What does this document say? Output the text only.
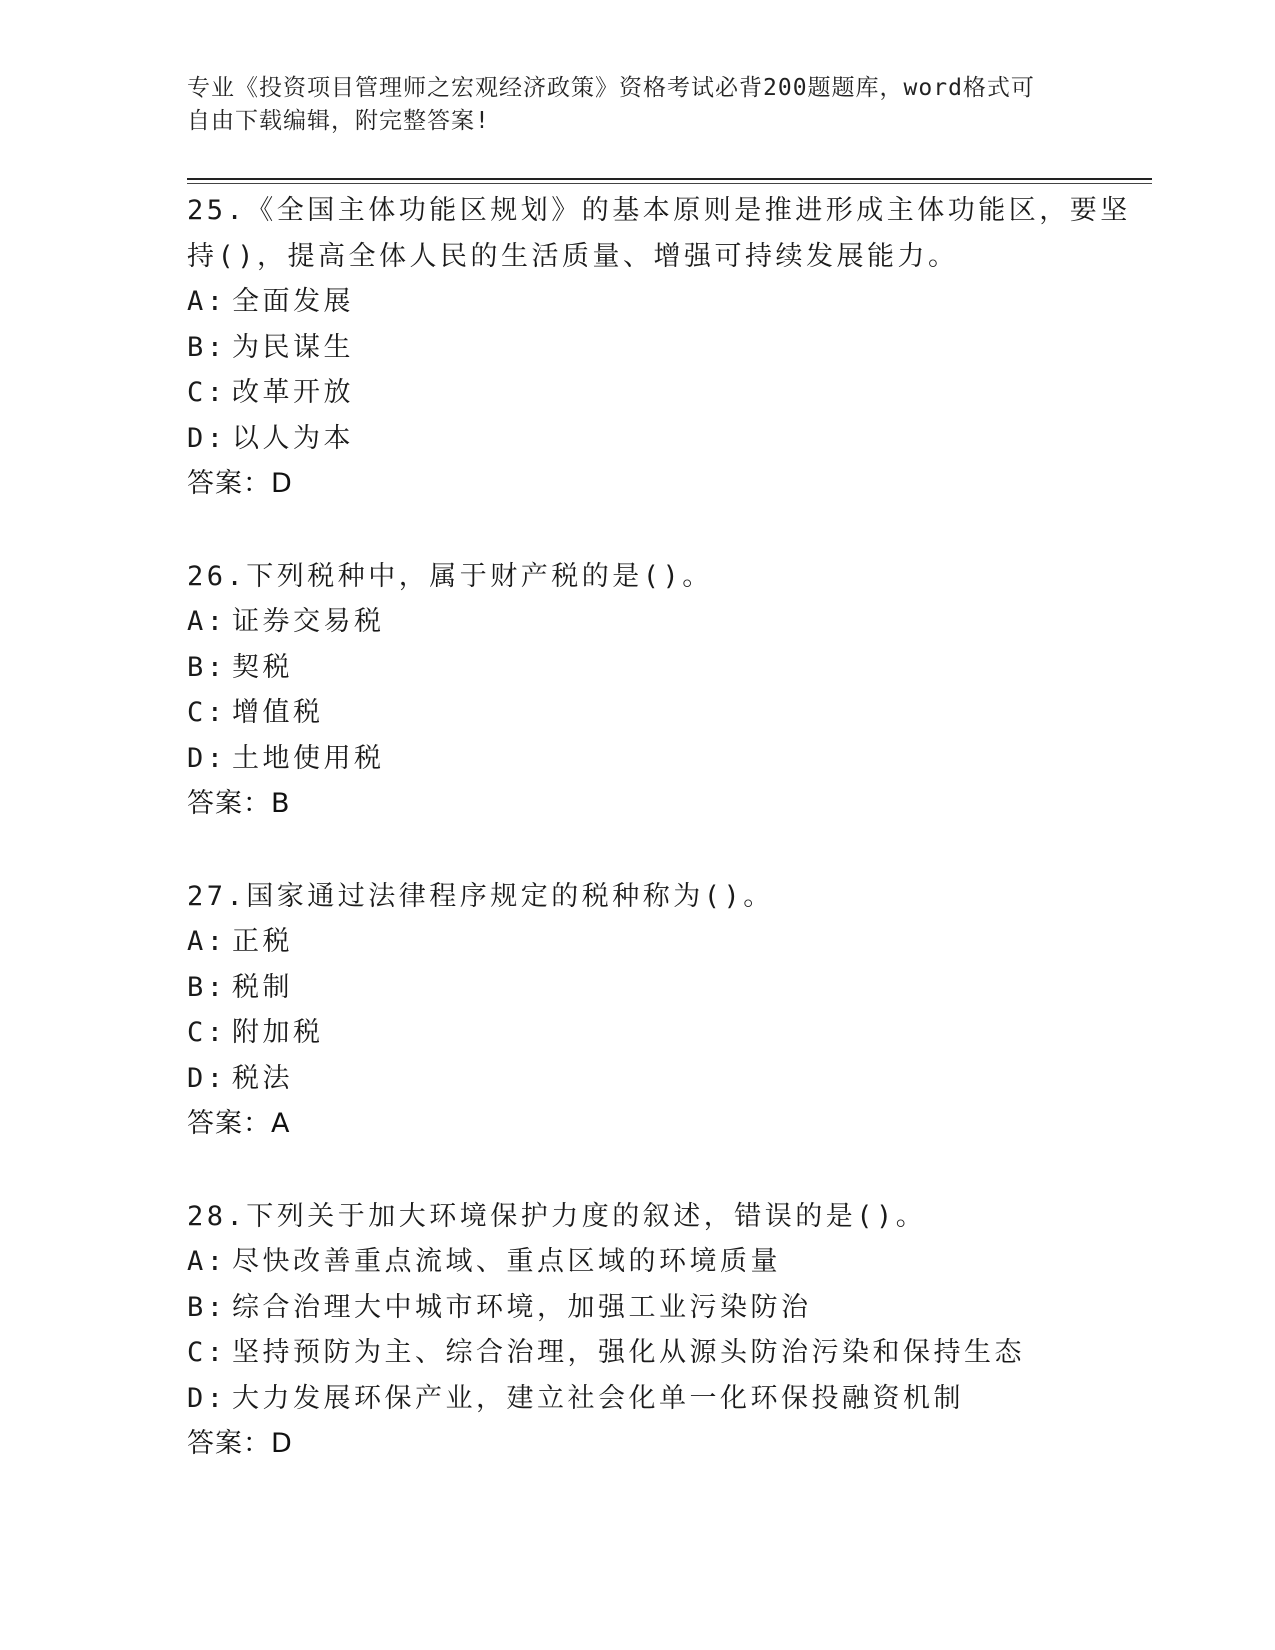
专业《投资项目管理师之宏观经济政策》资格考试必背200题题库，word格式可
自由下载编辑，附完整答案!
25.《全国主体功能区规划》的基本原则是推进形成主体功能区，要坚
持()，提高全体人民的生活质量、增强可持续发展能力。
A: 全面发展
B: 为民谋生
C: 改革开放
D: 以人为本
答案：D
26.下列税种中，属于财产税的是()。
A: 证券交易税
B: 契税
C: 增值税
D: 土地使用税
答案：B
27.国家通过法律程序规定的税种称为()。
A: 正税
B: 税制
C: 附加税
D: 税法
答案：A
28.下列关于加大环境保护力度的叙述，错误的是()。
A: 尽快改善重点流域、重点区域的环境质量
B: 综合治理大中城市环境，加强工业污染防治
C: 坚持预防为主、综合治理，强化从源头防治污染和保持生态
D: 大力发展环保产业，建立社会化单一化环保投融资机制
答案：D
